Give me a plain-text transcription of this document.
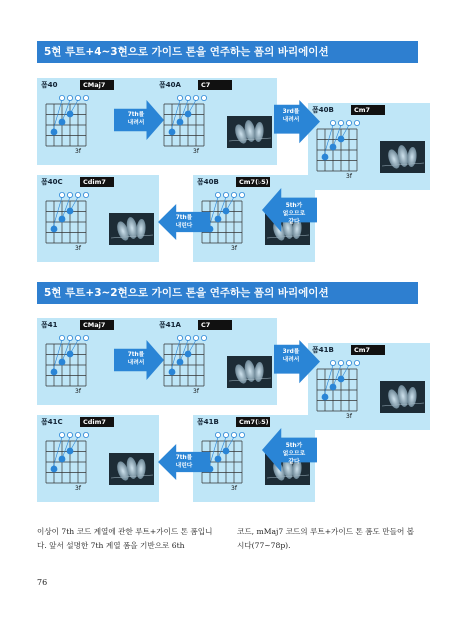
5현 루트+4~3현으로 가이드 톤을 연주하는 폼의 바리에이션
5현 루트+3~2현으로 가이드 톤을 연주하는 폼의 바리에이션
폼40	CMaj7
3f
폼40A	C7
3f
폼40B	Cm7
3f
폼40C	Cdim7
3f
폼40B	Cm7(♭5)
3f
7th를
내려서
3rd를
내려서
5th가
없으므로
같다
7th를
내린다
폼41	CMaj7
3f
폼41A	C7
3f
폼41B	Cm7
3f
폼41C	Cdim7
3f
폼41B	Cm7(♭5)
3f
7th를
내려서
3rd를
내려서
5th가
없으므로
같다
7th를
내린다

이상이 7th 코드 계열에 관한 루트+가이드 톤 폼입니다. 앞서 설명한 7th 계열 폼을 기반으로 6th

코드, mMaj7 코드의 루트+가이드 톤 폼도 만들어 봅시다(77~78p).

76
